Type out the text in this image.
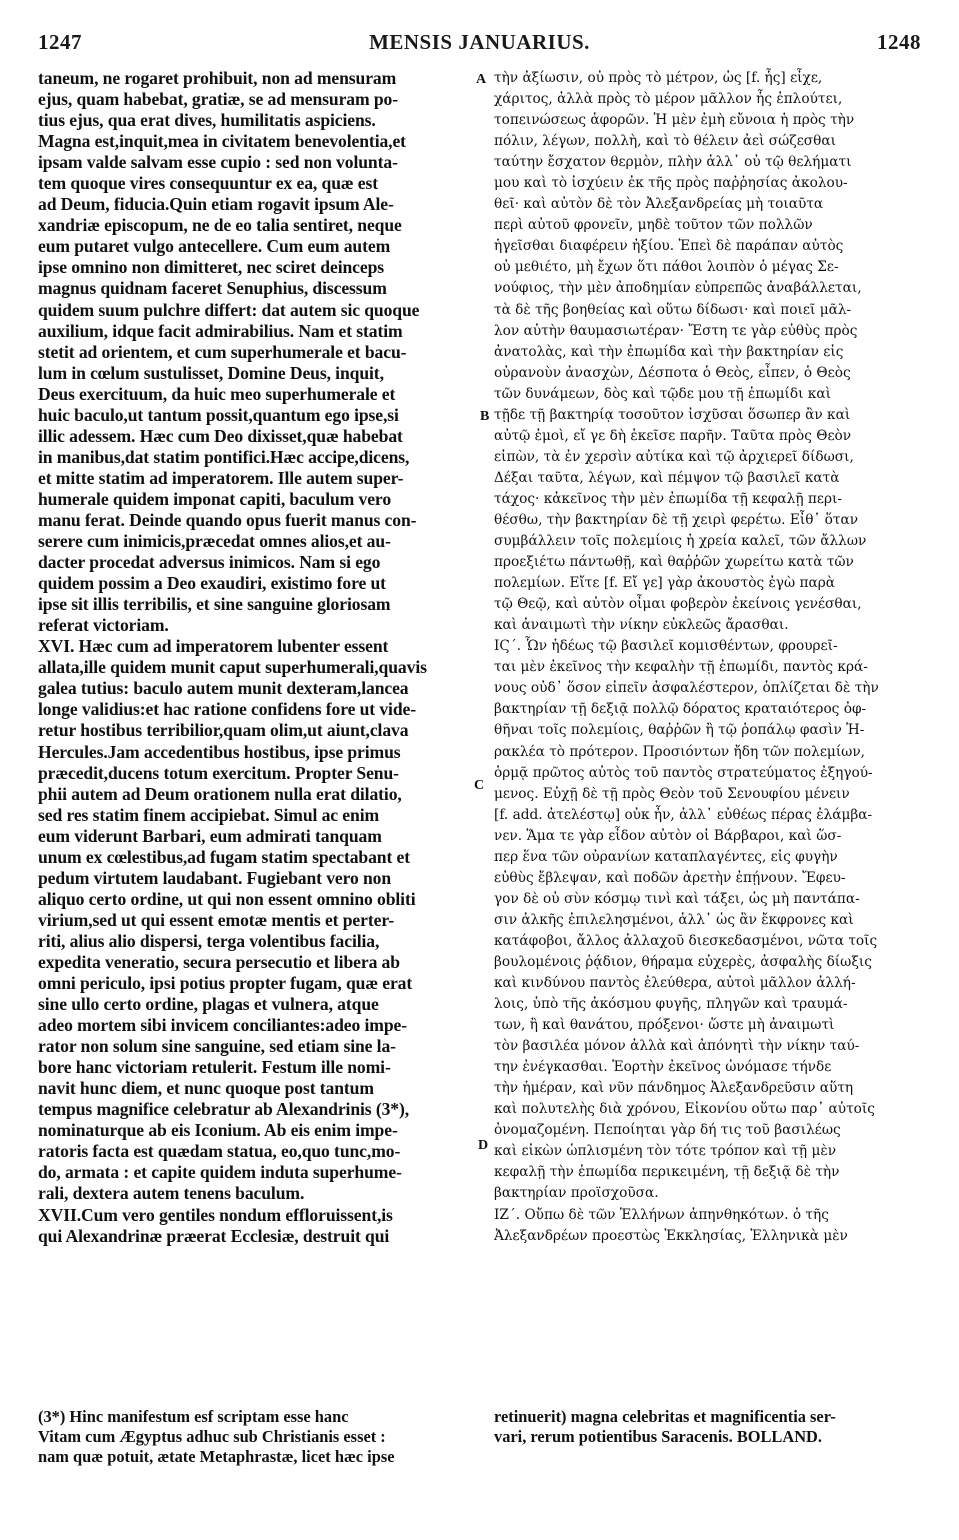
1247	MENSIS JANUARIUS.	1248
taneum, ne rogaret prohibuit, non ad mensuram
ejus, quam habebat, gratiæ, se ad mensuram po-
tius ejus, qua erat dives, humilitatis aspiciens.
Magna est,inquit,mea in civitatem benevolentia,et
ipsam valde salvam esse cupio : sed non volunta-
tem quoque vires consequuntur ex ea, quæ est
ad Deum, fiducia.Quin etiam rogavit ipsum Ale-
xandriæ episcopum, ne de eo talia sentiret, neque
eum putaret vulgo antecellere. Cum eum autem
ipse omnino non dimitteret, nec sciret deinceps
magnus quidnam faceret Senuphius, discessum
quidem suum pulchre differt: dat autem sic quoque
auxilium, idque facit admirabilius. Nam et statim
stetit ad orientem, et cum superhumerale et bacu-
lum in cœlum sustulisset, Domine Deus, inquit,
Deus exercituum, da huic meo superhumerale et
huic baculo,ut tantum possit,quantum ego ipse,si
illic adessem. Hæc cum Deo dixisset,quæ habebat
in manibus,dat statim pontifici.Hæc accipe,dicens,
et mitte statim ad imperatorem. Ille autem super-
humerale quidem imponat capiti, baculum vero
manu ferat. Deinde quando opus fuerit manus con-
serere cum inimicis,præcedat omnes alios,et au-
dacter procedat adversus inimicos. Nam si ego
quidem possim a Deo exaudiri, existimo fore ut
ipse sit illis terribilis, et sine sanguine gloriosam
referat victoriam.
XVI. Hæc cum ad imperatorem lubenter essent
allata,ille quidem munit caput superhumerali,quavis
galea tutius: baculo autem munit dexteram,lancea
longe validius:et hac ratione confidens fore ut vide-
retur hostibus terribilior,quam olim,ut aiunt,clava
Hercules.Jam accedentibus hostibus, ipse primus
præcedit,ducens totum exercitum. Propter Senu-
phii autem ad Deum orationem nulla erat dilatio,
sed res statim finem accipiebat. Simul ac enim
eum viderunt Barbari, eum admirati tanquam
unum ex cœlestibus,ad fugam statim spectabant et
pedum virtutem laudabant. Fugiebant vero non
aliquo certo ordine, ut qui non essent omnino obliti
virium,sed ut qui essent emotæ mentis et perter-
riti, alius alio dispersi, terga volentibus facilia,
expedita veneratio, secura persecutio et libera ab
omni periculo, ipsi potius propter fugam, quæ erat
sine ullo certo ordine, plagas et vulnera, atque
adeo mortem sibi invicem conciliantes:adeo impe-
rator non solum sine sanguine, sed etiam sine la-
bore hanc victoriam retulerit. Festum ille nomi-
navit hunc diem, et nunc quoque post tantum
tempus magnifice celebratur ab Alexandrinis (3*),
nominaturque ab eis Iconium. Ab eis enim impe-
ratoris facta est quædam statua, eo,quo tunc,mo-
do, armata : et capite quidem induta superhume-
rali, dextera autem tenens baculum.
XVII.Cum vero gentiles nondum effloruissent,is
qui Alexandrinæ præerat Ecclesiæ, destruit qui
τὴν ἀξίωσιν, οὐ πρὸς τὸ μέτρον, ὡς [f. ἧς] εἶχε,
χάριτος, ἀλλὰ πρὸς τὸ μέρον μᾶλλον ἧς ἐπλούτει,
τοπεινώσεως ἀφορῶν. Ἡ μὲν ἐμὴ εὔνοια ἡ πρὸς τὴν
πόλιν, λέγων, πολλὴ, καὶ τὸ θέλειν ἀεὶ σώζεσθαι
ταύτην ἔσχατον θερμὸν, πλὴν ἀλλ᾽ οὐ τῷ θελήματι
μου καὶ τὸ ἰσχύειν ἐκ τῆς πρὸς παῤῥησίας ἀκολου-
θεῖ· καὶ αὐτὸν δὲ τὸν Ἀλεξανδρείας μὴ τοιαῦτα
περὶ αὐτοῦ φρονεῖν, μηδὲ τοῦτον τῶν πολλῶν
ἡγεῖσθαι διαφέρειν ἠξίου. Ἐπεὶ δὲ παράπαν αὐτὸς
οὐ μεθιέτο, μὴ ἔχων ὅτι πάθοι λοιπὸν ὁ μέγας Σε-
νούφιος, τὴν μὲν ἀποδημίαν εὐπρεπῶς ἀναβάλλεται,
τὰ δὲ τῆς βοηθείας καὶ οὕτω δίδωσι· καὶ ποιεῖ μᾶλ-
λον αὐτὴν θαυμασιωτέραν· Ἔστη τε γὰρ εὐθὺς πρὸς
ἀνατολὰς, καὶ τὴν ἐπωμίδα καὶ τὴν βακτηρίαν εἰς
οὐρανοὺν ἀνασχὼν, Δέσποτα ὁ Θεὸς, εἶπεν, ὁ Θεὸς
τῶν δυνάμεων, δὸς καὶ τῷδε μου τῇ ἐπωμίδι καὶ
τῇδε τῇ βακτηρίᾳ τοσοῦτον ἰσχῦσαι ὅσωπερ ἂν καὶ
αὐτῷ ἐμοὶ, εἴ γε δὴ ἐκεῖσε παρῆν. Ταῦτα πρὸς Θεὸν
εἰπὼν, τὰ ἐν χερσὶν αὐτίκα καὶ τῷ ἀρχιερεῖ δίδωσι,
Δέξαι ταῦτα, λέγων, καὶ πέμψον τῷ βασιλεῖ κατὰ
τάχος· κἀκεῖνος τὴν μὲν ἐπωμίδα τῇ κεφαλῇ περι-
θέσθω, τὴν βακτηρίαν δὲ τῇ χειρὶ φερέτω. Εἶθ᾽ ὅταν
συμβάλλειν τοῖς πολεμίοις ἡ χρεία καλεῖ, τῶν ἄλλων
προεξιέτω πάντωθῇ, καὶ θαῤῥῶν χωρείτω κατὰ τῶν
πολεμίων. Εἴτε [f. Εἴ γε] γὰρ ἀκουστὸς ἐγὼ παρὰ
τῷ Θεῷ, καὶ αὐτὸν οἶμαι φοβερὸν ἐκείνοις γενέσθαι,
καὶ ἀναιμωτὶ τὴν νίκην εὐκλεῶς ἄρασθαι.
ΙϚ΄. Ὧν ἡδέως τῷ βασιλεῖ κομισθέντων, φρουρεῖ-
ται μὲν ἐκεῖνος τὴν κεφαλὴν τῇ ἐπωμίδι, παντὸς κρά-
νους οὐδ᾽ ὅσον εἰπεῖν ἀσφαλέστερον, ὁπλίζεται δὲ τὴν
βακτηρίαν τῇ δεξιᾷ πολλῷ δόρατος κραταιότερος ὀφ-
θῆναι τοῖς πολεμίοις, θαῤῥῶν ἢ τῷ ῥοπάλῳ φασὶν Ἡ-
ρακλέα τὸ πρότερον. Προσιόντων ἤδη τῶν πολεμίων,
ὁρμᾷ πρῶτος αὐτὸς τοῦ παντὸς στρατεύματος ἐξηγού-
μενος. Εὐχῇ δὲ τῇ πρὸς Θεὸν τοῦ Σενουφίου μένειν
[f. add. ἀτελέστῳ] οὐκ ἦν, ἀλλ᾽ εὐθέως πέρας ἐλάμβα-
νεν. Ἅμα τε γὰρ εἶδον αὐτὸν οἱ Βάρβαροι, καὶ ὥσ-
περ ἕνα τῶν οὐρανίων καταπλαγέντες, εἰς φυγὴν
εὐθὺς ἔβλεψαν, καὶ ποδῶν ἀρετὴν ἐπῄνουν. Ἔφευ-
γον δὲ οὐ σὺν κόσμῳ τινὶ καὶ τάξει, ὡς μὴ παντάπα-
σιν ἀλκῆς ἐπιλελησμένοι, ἀλλ᾽ ὡς ἂν ἔκφρονες καὶ
κατάφοβοι, ἄλλος ἀλλαχοῦ διεσκεδασμένοι, νῶτα τοῖς
βουλομένοις ῥᾴδιον, θήραμα εὐχερὲς, ἀσφαλὴς δίωξις
καὶ κινδύνου παντὸς ἐλεύθερα, αὐτοὶ μᾶλλον ἀλλή-
λοις, ὑπὸ τῆς ἀκόσμου φυγῆς, πληγῶν καὶ τραυμά-
των, ἢ καὶ θανάτου, πρόξενοι· ὥστε μὴ ἀναιμωτὶ
τὸν βασιλέα μόνον ἀλλὰ καὶ ἀπόνητὶ τὴν νίκην ταύ-
την ἐνέγκασθαι. Ἑορτὴν ἐκεῖνος ὠνόμασε τήνδε
τὴν ἡμέραν, καὶ νῦν πάνδημος Ἀλεξανδρεῦσιν αὕτη
καὶ πολυτελὴς διὰ χρόνου, Εἰκονίου οὕτω παρ᾽ αὐτοῖς
ὀνομαζομένη. Πεποίηται γὰρ δή τις τοῦ βασιλέως
καὶ εἰκὼν ὡπλισμένη τὸν τότε τρόπον καὶ τῇ μὲν
κεφαλῇ τὴν ἐπωμίδα περικειμένη, τῇ δεξιᾷ δὲ τὴν
βακτηρίαν προϊσχοῦσα.
ΙΖ΄. Οὔπω δὲ τῶν Ἑλλήνων ἀπηνθηκότων. ὁ τῆς
Ἀλεξανδρέων προεστὼς Ἐκκλησίας, Ἑλληνικὰ μὲν
A
B
C
D
(3*) Hinc manifestum esf scriptam esse hanc
Vitam cum Ægyptus adhuc sub Christianis esset :
nam quæ potuit, ætate Metaphrastæ, licet hæc ipse
retinuerit) magna celebritas et magnificentia ser-
vari, rerum potientibus Saracenis. BOLLAND.
